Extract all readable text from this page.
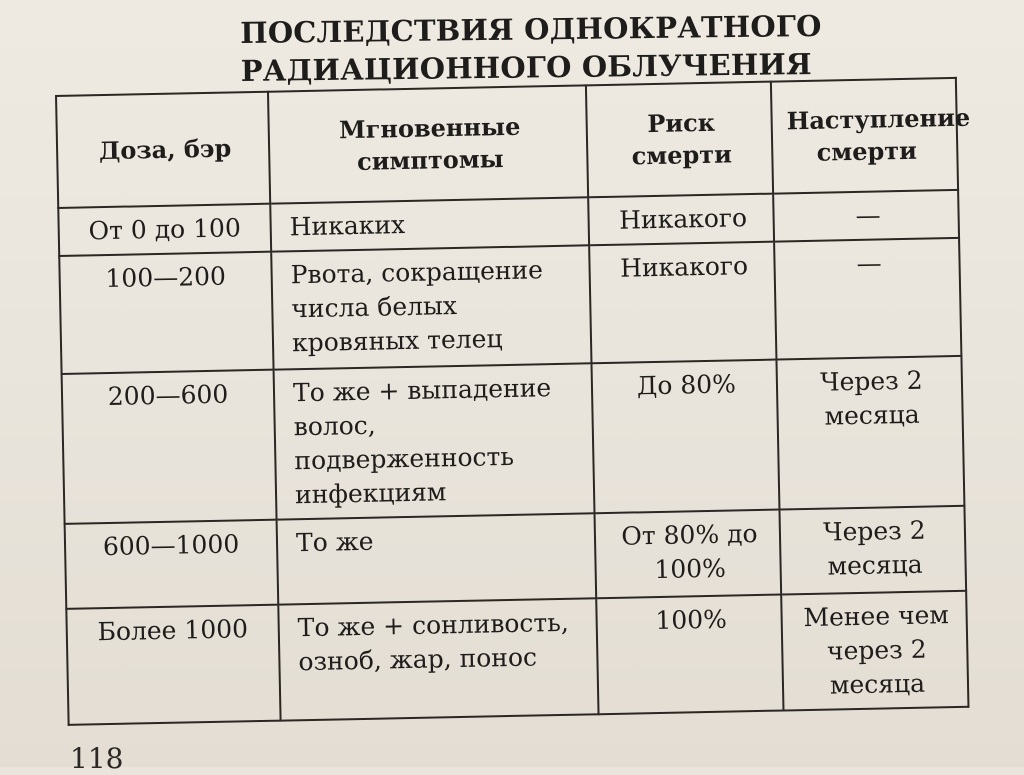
ПОСЛЕДСТВИЯ ОДНОКРАТНОГО
РАДИАЦИОННОГО ОБЛУЧЕНИЯ
Доза, бэр	Мгновенные симптомы	Риск смерти	Наступление смерти
От 0 до 100	Никаких	Никакого	—
100—200	Рвота, сокращение числа белых кровяных телец	Никакого	—
200—600	То же + выпадение волос, подверженность инфекциям	До 80%	Через 2 месяца
600—1000	То же	От 80% до 100%	Через 2 месяца
Более 1000	То же + сонливость, озноб, жар, понос	100%	Менее чем через 2 месяца
118
